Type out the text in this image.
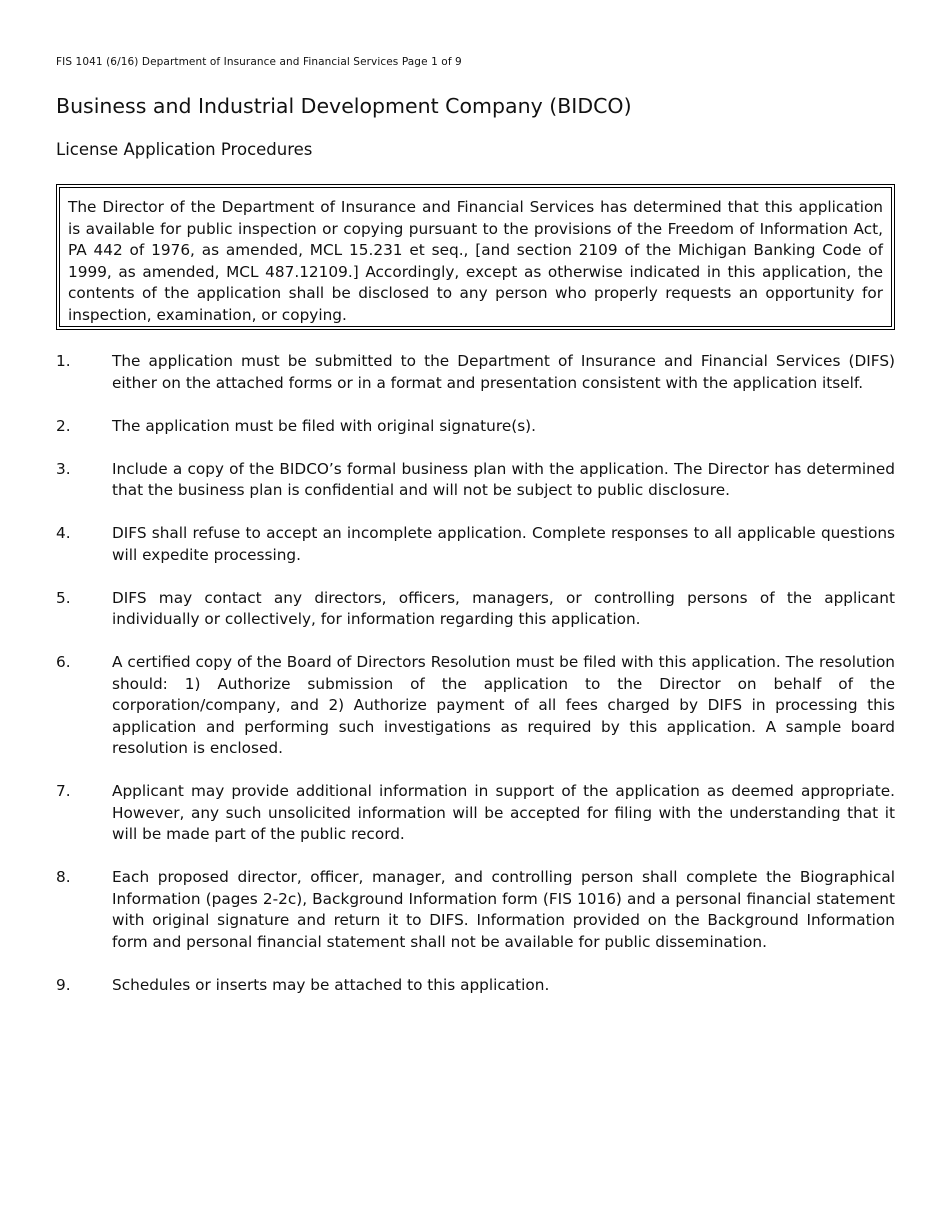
FIS 1041 (6/16) Department of Insurance and Financial Services Page 1 of 9
Business and Industrial Development Company (BIDCO)
License Application Procedures
The Director of the Department of Insurance and Financial Services has determined that this application is available for public inspection or copying pursuant to the provisions of the Freedom of Information Act, PA 442 of 1976, as amended, MCL 15.231 et seq., [and section 2109 of the Michigan Banking Code of 1999, as amended, MCL 487.12109.] Accordingly, except as otherwise indicated in this application, the contents of the application shall be disclosed to any person who properly requests an opportunity for inspection, examination, or copying.
1.	The application must be submitted to the Department of Insurance and Financial Services (DIFS) either on the attached forms or in a format and presentation consistent with the application itself.
2.	The application must be filed with original signature(s).
3.	Include a copy of the BIDCO’s formal business plan with the application. The Director has determined that the business plan is confidential and will not be subject to public disclosure.
4.	DIFS shall refuse to accept an incomplete application. Complete responses to all applicable questions will expedite processing.
5.	DIFS may contact any directors, officers, managers, or controlling persons of the applicant individually or collectively, for information regarding this application.
6.	A certified copy of the Board of Directors Resolution must be filed with this application. The resolution should: 1) Authorize submission of the application to the Director on behalf of the corporation/company, and 2) Authorize payment of all fees charged by DIFS in processing this application and performing such investigations as required by this application. A sample board resolution is enclosed.
7.	Applicant may provide additional information in support of the application as deemed appropriate. However, any such unsolicited information will be accepted for filing with the understanding that it will be made part of the public record.
8.	Each proposed director, officer, manager, and controlling person shall complete the Biographical Information (pages 2-2c), Background Information form (FIS 1016) and a personal financial statement with original signature and return it to DIFS. Information provided on the Background Information form and personal financial statement shall not be available for public dissemination.
9.	Schedules or inserts may be attached to this application.
